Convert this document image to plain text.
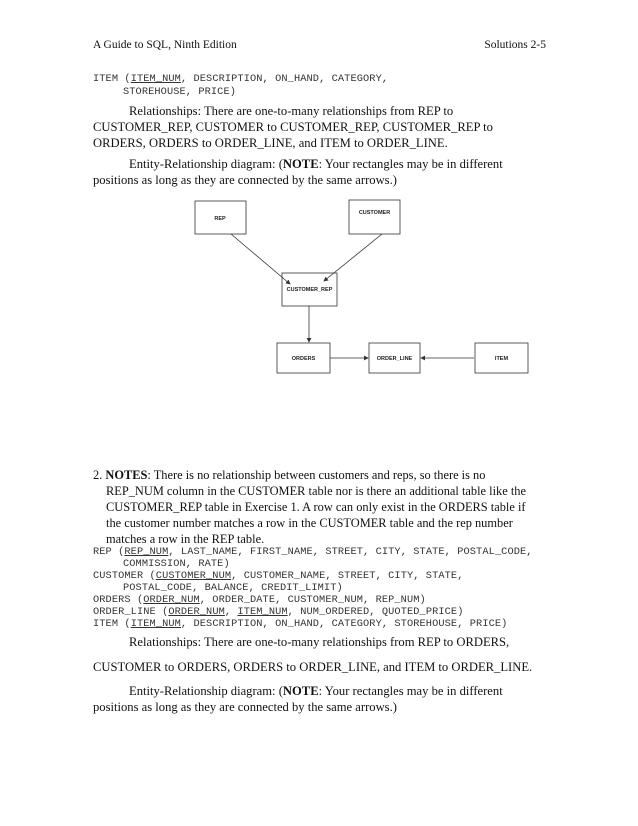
A Guide to SQL, Ninth Edition	Solutions 2-5
ITEM (ITEM_NUM, DESCRIPTION, ON_HAND, CATEGORY,
STOREHOUSE, PRICE)
Relationships: There are one-to-many relationships from REP to
CUSTOMER_REP, CUSTOMER to CUSTOMER_REP, CUSTOMER_REP to
ORDERS, ORDERS to ORDER_LINE, and ITEM to ORDER_LINE.
Entity-Relationship diagram: (NOTE: Your rectangles may be in different
positions as long as they are connected by the same arrows.)
REP
CUSTOMER
CUSTOMER_REP
ORDERS	ORDER_LINE	ITEM
2. NOTES: There is no relationship between customers and reps, so there is no
REP_NUM column in the CUSTOMER table nor is there an additional table like the
CUSTOMER_REP table in Exercise 1. A row can only exist in the ORDERS table if
the customer number matches a row in the CUSTOMER table and the rep number
matches a row in the REP table.
REP (REP_NUM, LAST_NAME, FIRST_NAME, STREET, CITY, STATE, POSTAL_CODE,
COMMISSION, RATE)
CUSTOMER (CUSTOMER_NUM, CUSTOMER_NAME, STREET, CITY, STATE,
POSTAL_CODE, BALANCE, CREDIT_LIMIT)
ORDERS (ORDER_NUM, ORDER_DATE, CUSTOMER_NUM, REP_NUM)
ORDER_LINE (ORDER_NUM, ITEM_NUM, NUM_ORDERED, QUOTED_PRICE)
ITEM (ITEM_NUM, DESCRIPTION, ON_HAND, CATEGORY, STOREHOUSE, PRICE)
Relationships: There are one-to-many relationships from REP to ORDERS,
CUSTOMER to ORDERS, ORDERS to ORDER_LINE, and ITEM to ORDER_LINE.
Entity-Relationship diagram: (NOTE: Your rectangles may be in different
positions as long as they are connected by the same arrows.)
